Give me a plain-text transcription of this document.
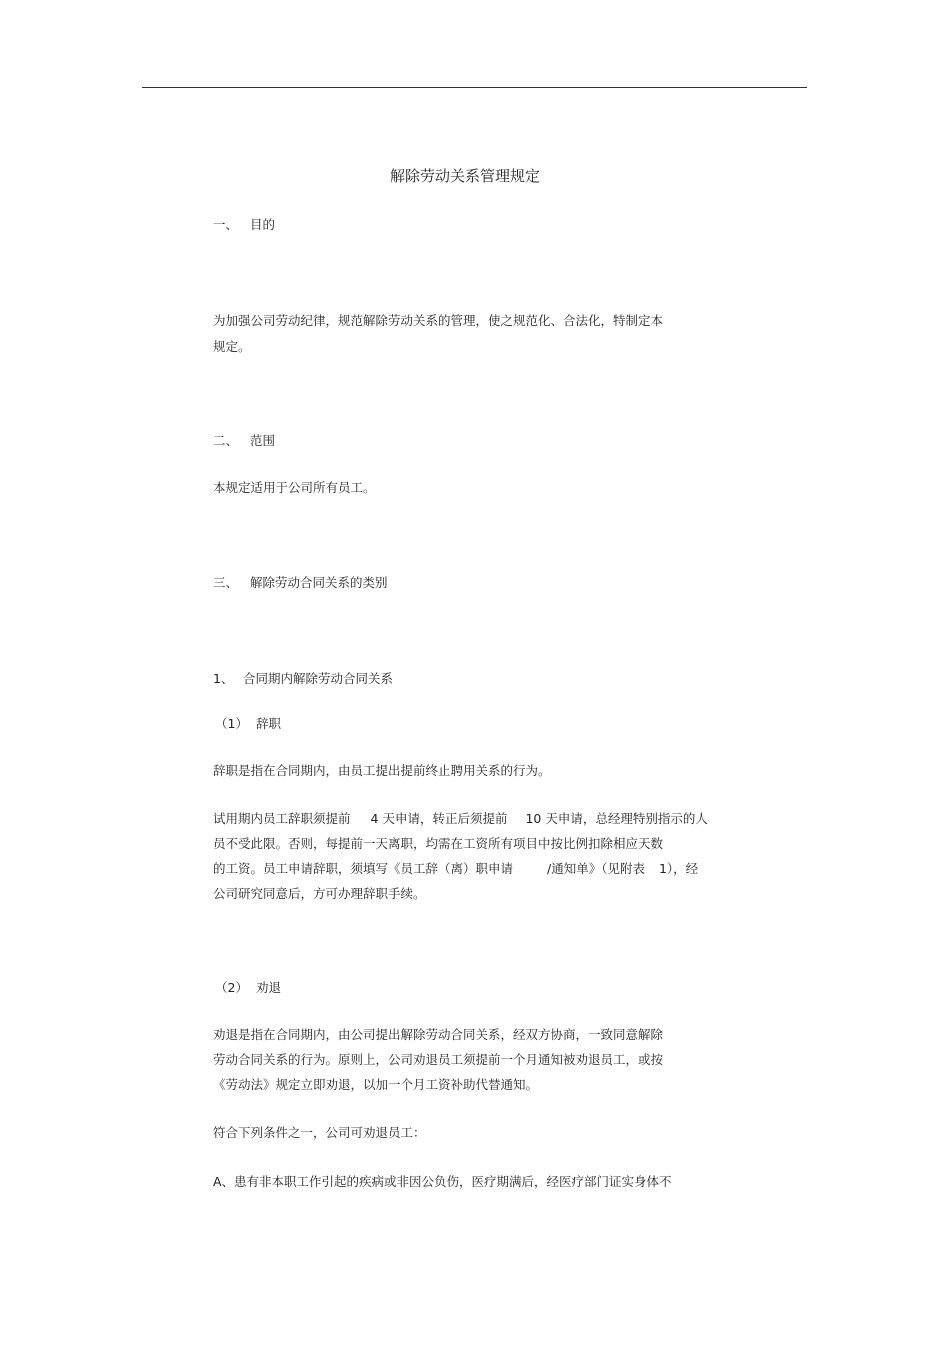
解除劳动关系管理规定
一、 目的
为加强公司劳动纪律，规范解除劳动关系的管理，使之规范化、合法化，特制定本
规定。
二、 范围
本规定适用于公司所有员工。
三、 解除劳动合同关系的类别
1、 合同期内解除劳动合同关系
（1） 辞职
辞职是指在合同期内，由员工提出提前终止聘用关系的行为。
试用期内员工辞职须提前 4 天申请，转正后须提前 10 天申请，总经理特别指示的人
员不受此限。否则，每提前一天离职，均需在工资所有项目中按比例扣除相应天数
的工资。员工申请辞职，须填写《员工辞（离）职申请	/通知单》（见附表 1），经
公司研究同意后，方可办理辞职手续。
（2） 劝退
劝退是指在合同期内，由公司提出解除劳动合同关系，经双方协商，一致同意解除
劳动合同关系的行为。原则上，公司劝退员工须提前一个月通知被劝退员工，或按
《劳动法》规定立即劝退，以加一个月工资补助代替通知。
符合下列条件之一，公司可劝退员工：
A、患有非本职工作引起的疾病或非因公负伤，医疗期满后，经医疗部门证实身体不
